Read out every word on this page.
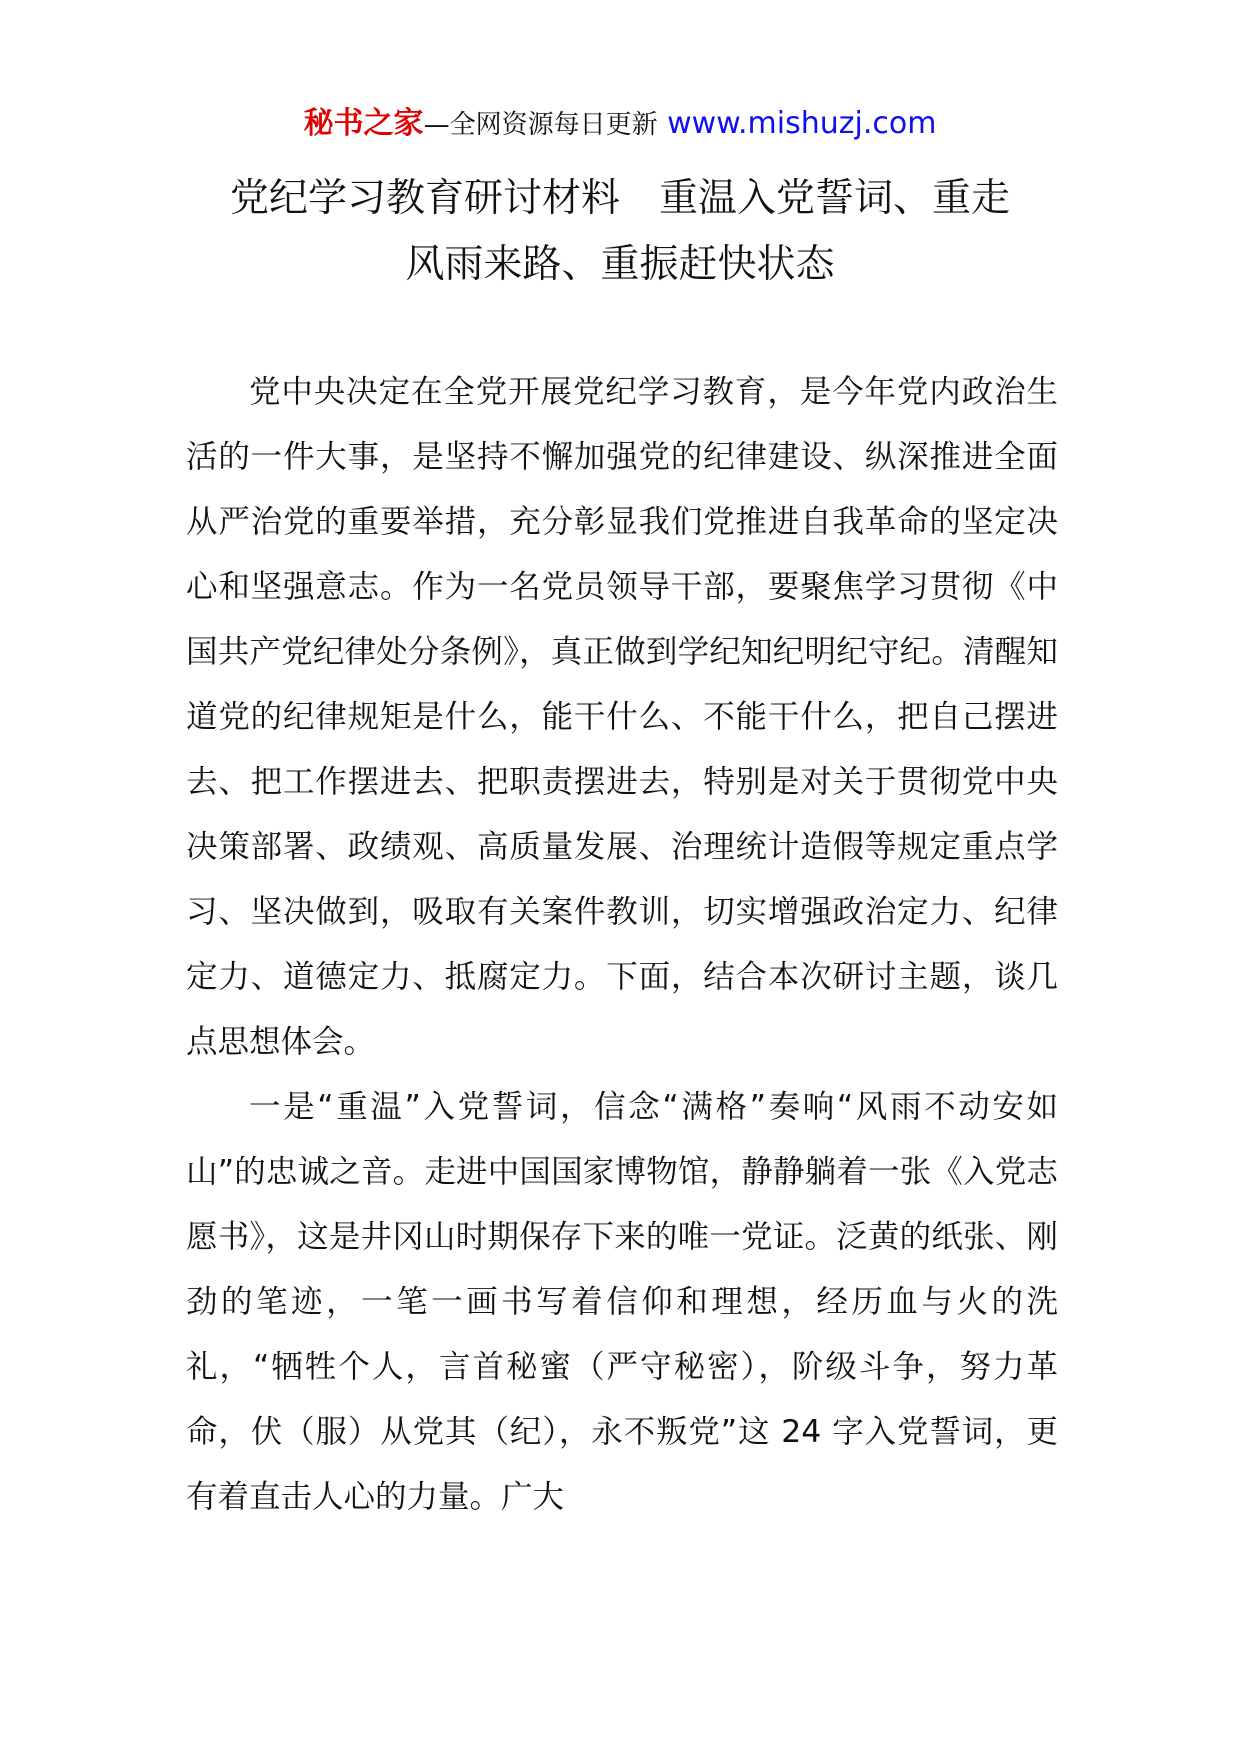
秘书之家—全网资源每日更新 www.mishuzj.com
党纪学习教育研讨材料　重温入党誓词、重走
风雨来路、重振赶快状态

党中央决定在全党开展党纪学习教育，是今年党内政治生活的一件大事，是坚持不懈加强党的纪律建设、纵深推进全面从严治党的重要举措，充分彰显我们党推进自我革命的坚定决心和坚强意志。作为一名党员领导干部，要聚焦学习贯彻《中国共产党纪律处分条例》，真正做到学纪知纪明纪守纪。清醒知道党的纪律规矩是什么，能干什么、不能干什么，把自己摆进去、把工作摆进去、把职责摆进去，特别是对关于贯彻党中央决策部署、政绩观、高质量发展、治理统计造假等规定重点学习、坚决做到，吸取有关案件教训，切实增强政治定力、纪律定力、道德定力、抵腐定力。下面，结合本次研讨主题，谈几点思想体会。

一是“重温”入党誓词，信念“满格”奏响“风雨不动安如山”的忠诚之音。走进中国国家博物馆，静静躺着一张《入党志愿书》，这是井冈山时期保存下来的唯一党证。泛黄的纸张、刚劲的笔迹，一笔一画书写着信仰和理想，经历血与火的洗礼，“牺牲个人，言首秘蜜（严守秘密），阶级斗争，努力革命，伏（服）从党其（纪），永不叛党”这 24 字入党誓词，更有着直击人心的力量。广大
